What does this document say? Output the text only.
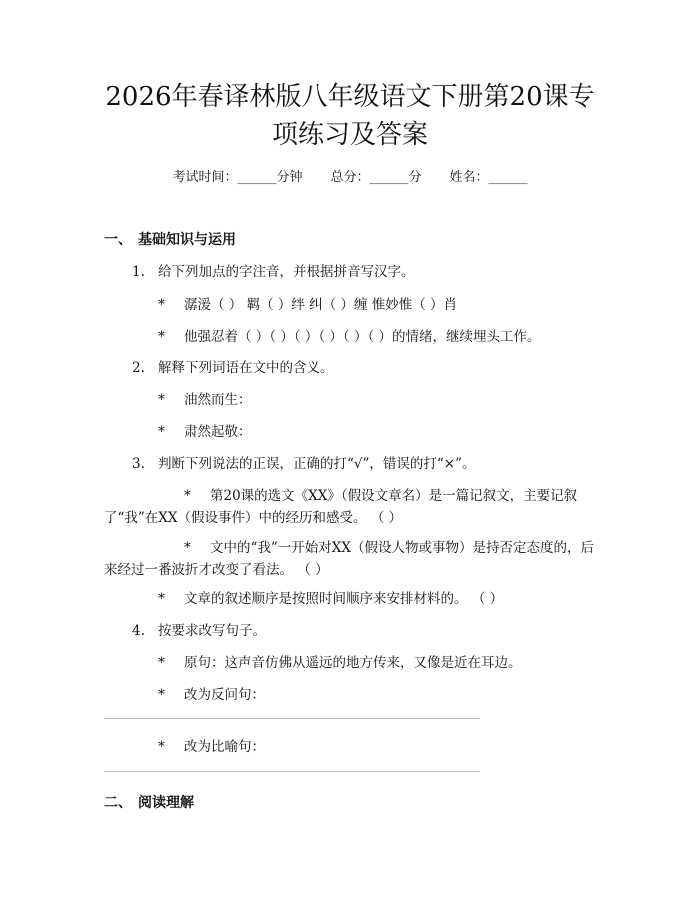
2026年春译林版八年级语文下册第20课专
项练习及答案
考试时间：______分钟 总分：______分 姓名：______
一、 基础知识与运用
1. 给下列加点的字注音，并根据拼音写汉字。
* 潺湲（ ） 羁（ ）绊 纠（ ）缠 惟妙惟（ ）肖
* 他强忍着（ ）（ ）（ ）（ ）（ ）（ ）的情绪，继续埋头工作。
2. 解释下列词语在文中的含义。
* 油然而生：
* 肃然起敬：
3. 判断下列说法的正误，正确的打“√”，错误的打“×”。
* 第20课的选文《XX》（假设文章名）是一篇记叙文，主要记叙了“我”在XX（假设事件）中的经历和感受。 （ ）
* 文中的“我”一开始对XX（假设人物或事物）是持否定态度的，后来经过一番波折才改变了看法。 （ ）
* 文章的叙述顺序是按照时间顺序来安排材料的。 （ ）
4. 按要求改写句子。
* 原句：这声音仿佛从遥远的地方传来，又像是近在耳边。
* 改为反问句：
* 改为比喻句：
二、 阅读理解
